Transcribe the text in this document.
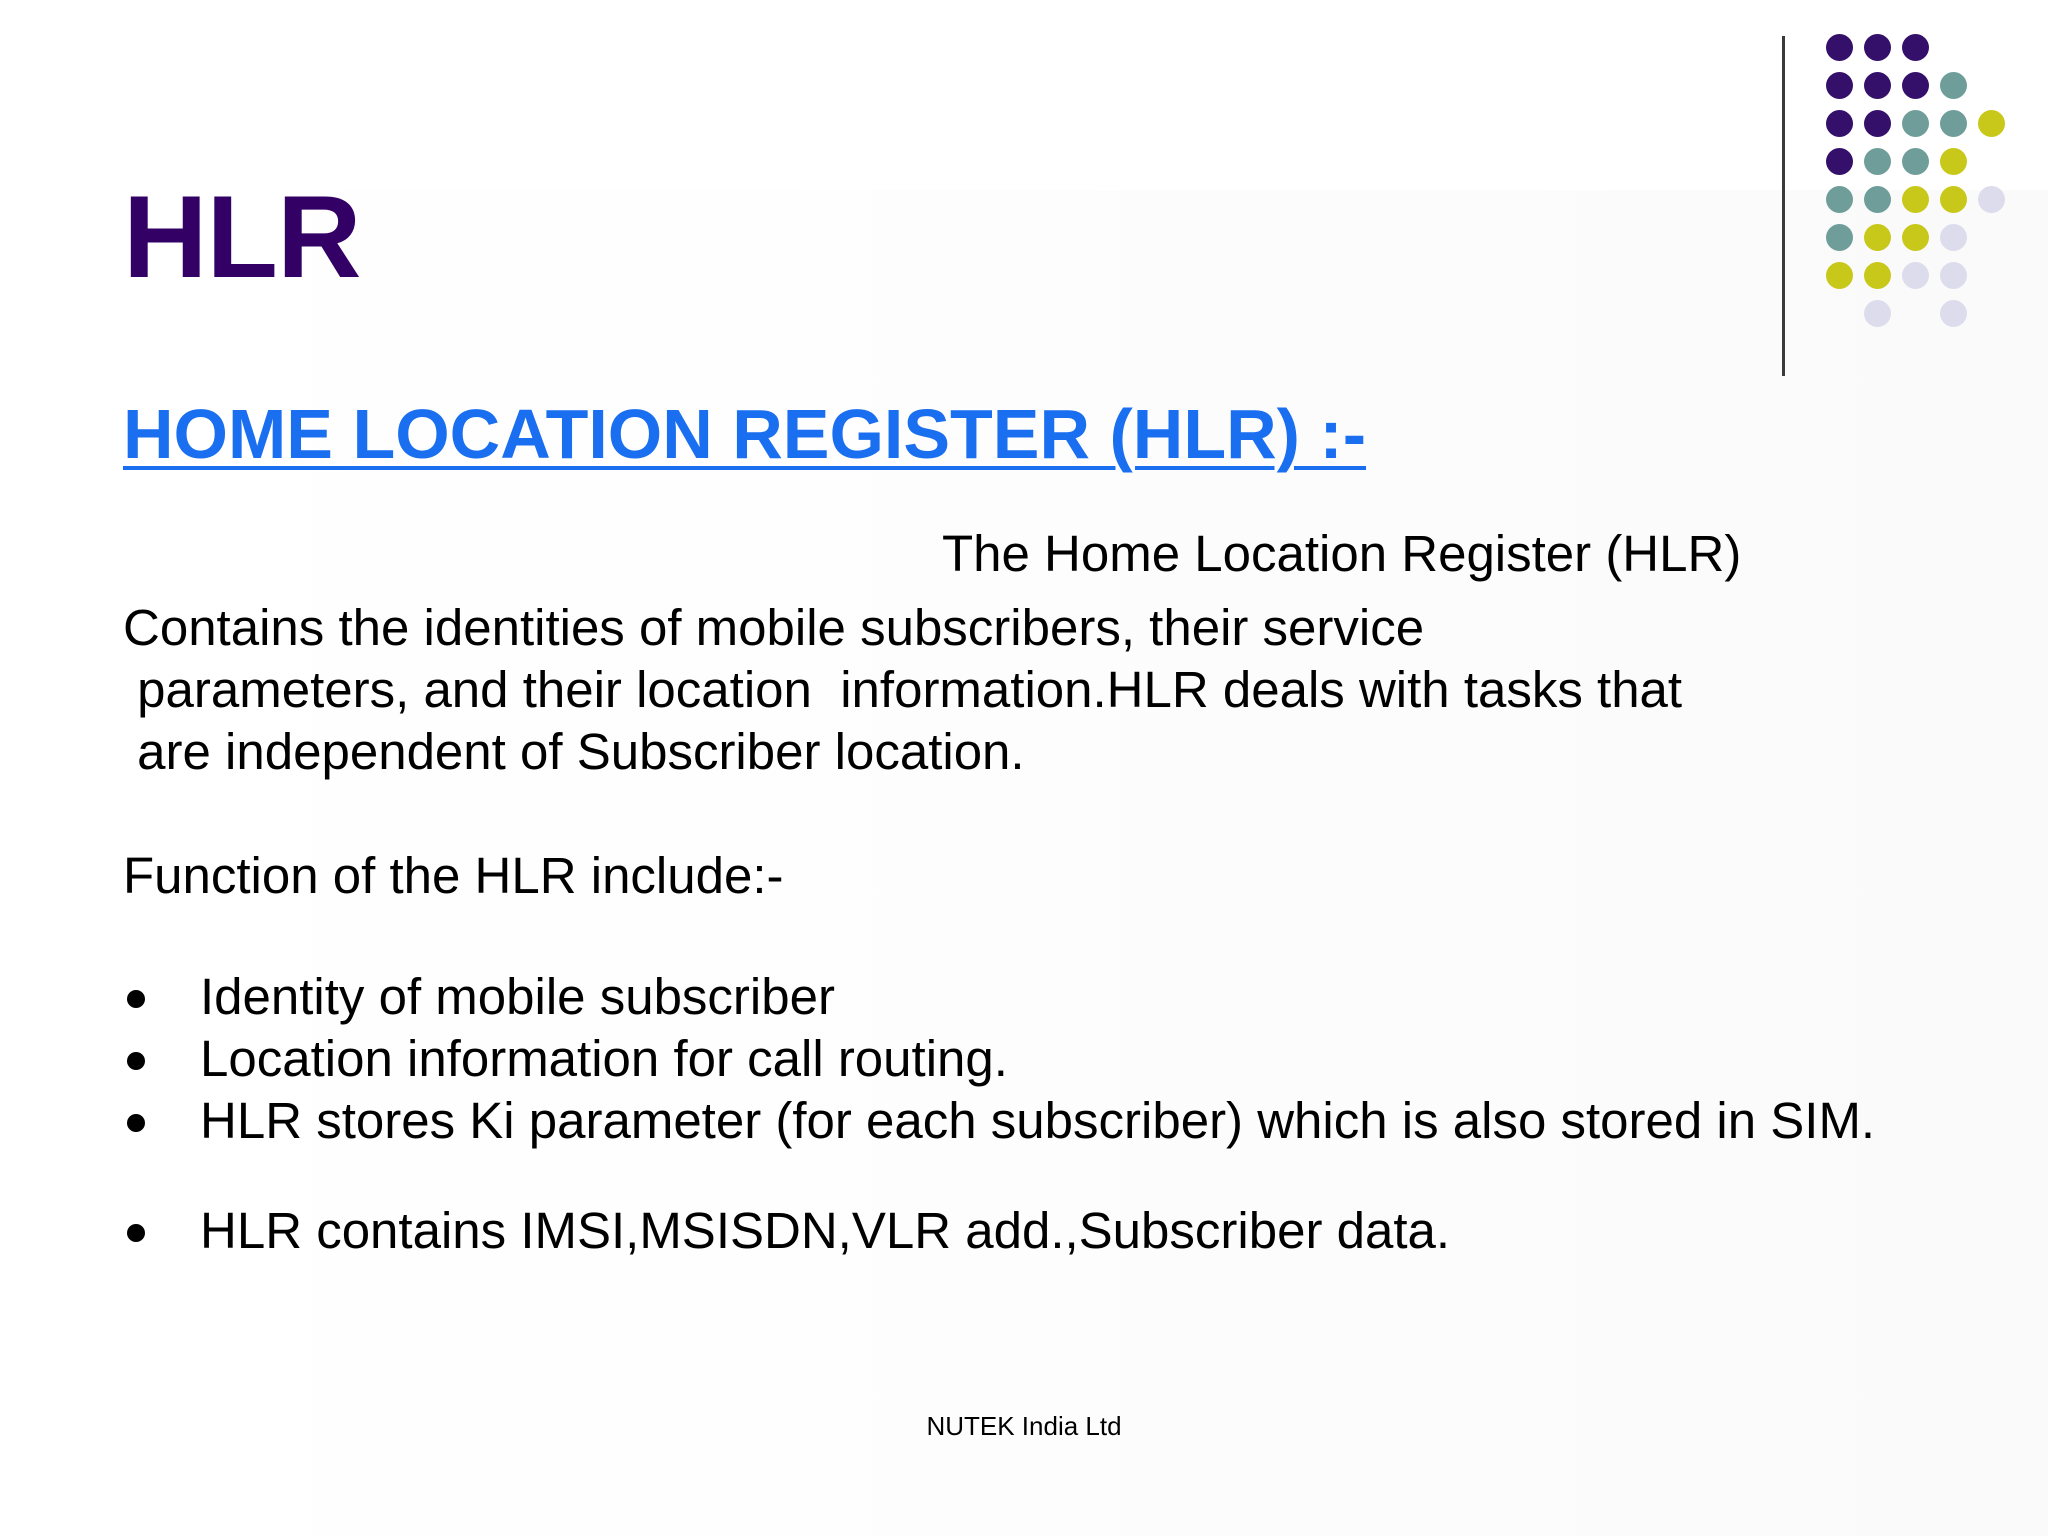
HLR
HOME LOCATION REGISTER (HLR) :-
The Home Location Register (HLR)
Contains the identities of mobile subscribers, their service
parameters, and their location  information.HLR deals with tasks that
are independent of Subscriber location.
Function of the HLR include:-
Identity of mobile subscriber
Location information for call routing.
HLR stores Ki parameter (for each subscriber) which is also stored in SIM.
HLR contains IMSI,MSISDN,VLR add.,Subscriber data.
NUTEK India Ltd
